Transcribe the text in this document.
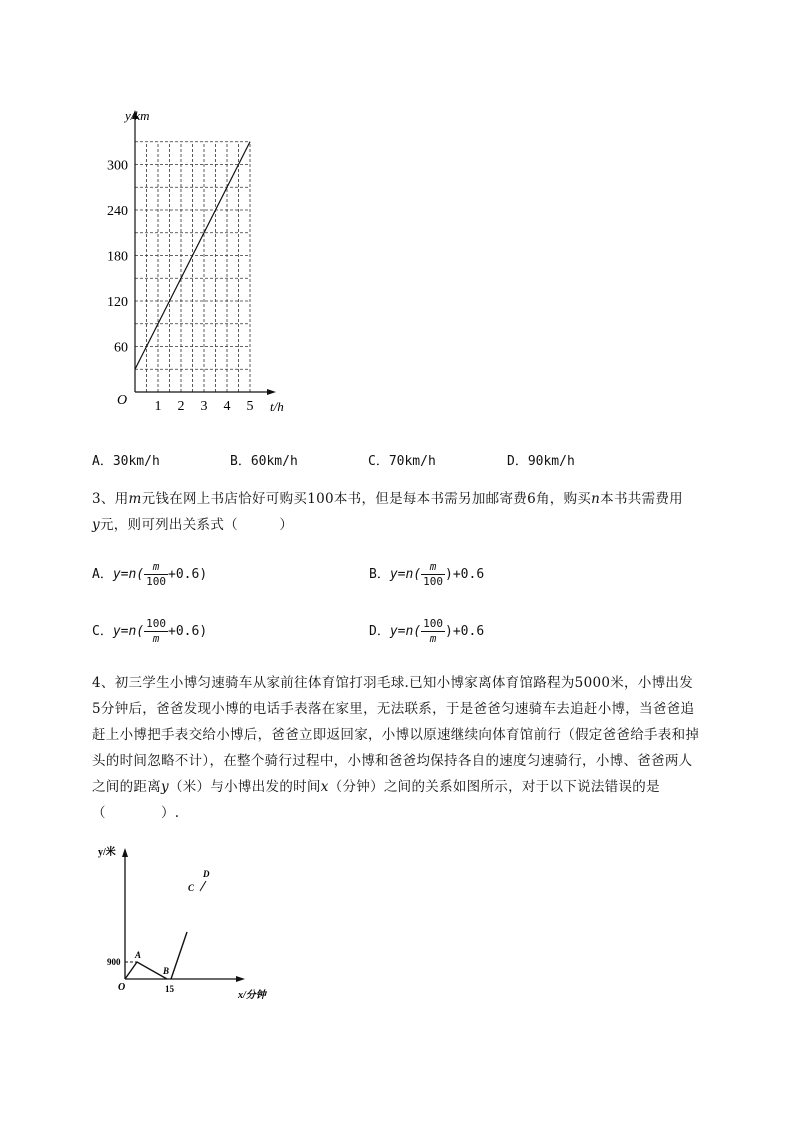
1 2 3 4 5
60
120
180
240
300
y/km
t/h
O
A．30km/h	B．60km/h	C．70km/h	D．90km/h
3、用m元钱在网上书店恰好可购买100本书，但是每本书需另加邮寄费6角，购买n本书共需费用
y元，则可列出关系式（　　　）
A．$y=n( \frac{m}{100} +0.6)$	B．$y=n( \frac{m}{100} )+0.6$
C．$y=n( \frac{100}{m} +0.6)$	D．$y=n( \frac{100}{m} )+0.6$
4、初三学生小博匀速骑车从家前往体育馆打羽毛球.已知小博家离体育馆路程为5000米，小博出发
5分钟后，爸爸发现小博的电话手表落在家里，无法联系，于是爸爸匀速骑车去追赶小博，当爸爸追
赶上小博把手表交给小博后，爸爸立即返回家，小博以原速继续向体育馆前行（假定爸爸给手表和掉
头的时间忽略不计），在整个骑行过程中，小博和爸爸均保持各自的速度匀速骑行，小博、爸爸两人
之间的距离y（米）与小博出发的时间x（分钟）之间的关系如图所示，对于以下说法错误的是
（　　　　）.
y/米
x/分钟
O
900
15
A
B
C
D
